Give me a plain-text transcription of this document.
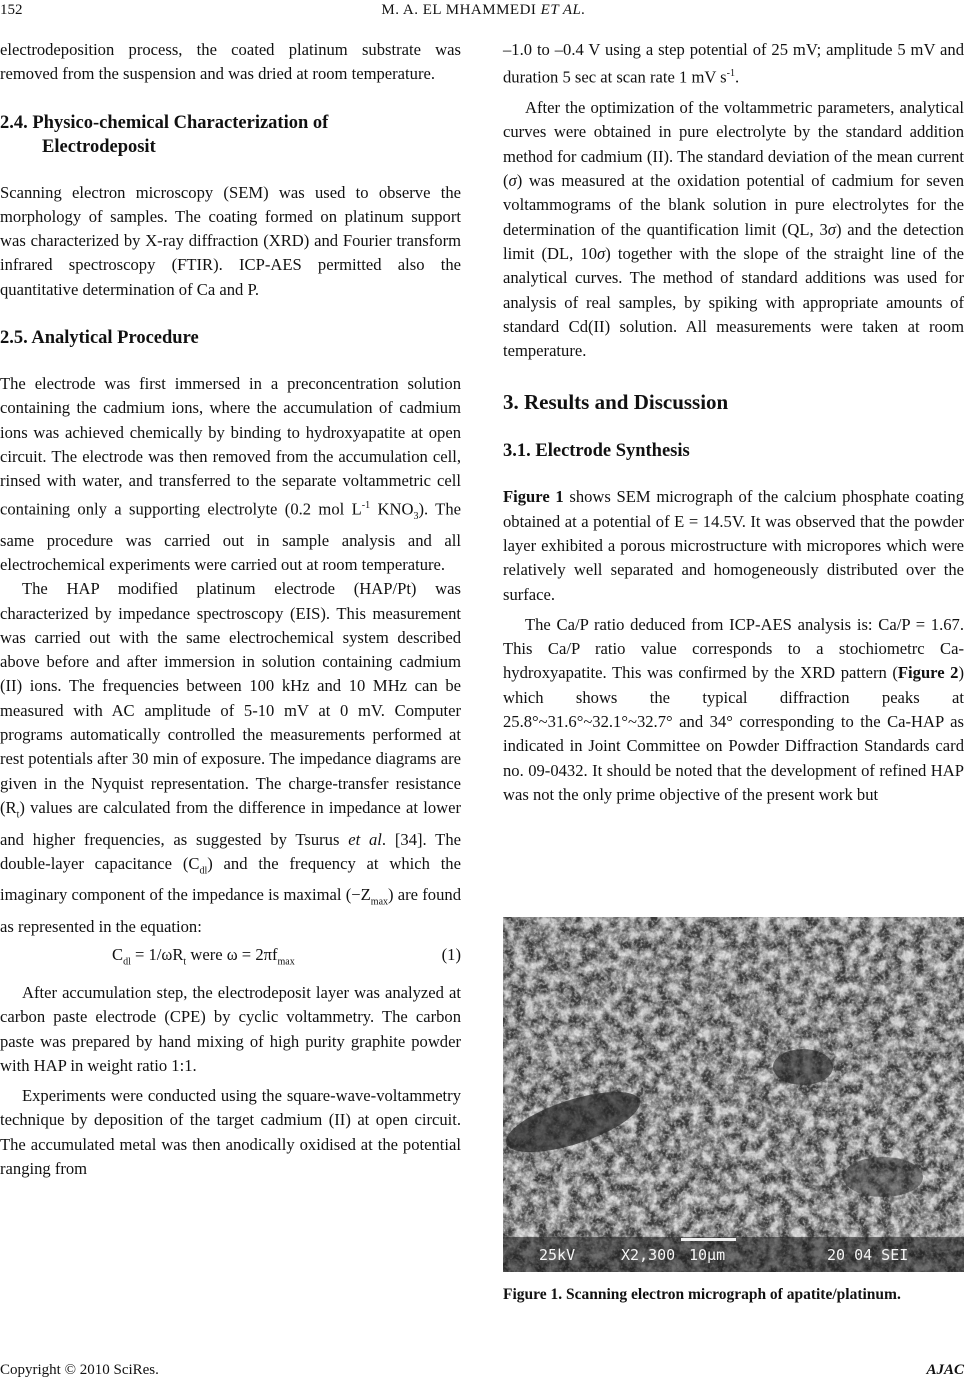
152	M. A. EL MHAMMEDI ET AL.

electrodeposition process, the coated platinum substrate was removed from the suspension and was dried at room temperature.

2.4. Physico-chemical Characterization of
Electrodeposit

Scanning electron microscopy (SEM) was used to observe the morphology of samples. The coating formed on platinum support was characterized by X-ray diffraction (XRD) and Fourier transform infrared spectroscopy (FTIR). ICP-AES permitted also the quantitative determination of Ca and P.

2.5. Analytical Procedure

The electrode was first immersed in a preconcentration solution containing the cadmium ions, where the accumulation of cadmium ions was achieved chemically by binding to hydroxyapatite at open circuit. The electrode was then removed from the accumulation cell, rinsed with water, and transferred to the separate voltammetric cell containing only a supporting electrolyte (0.2 mol $L^{-1}$ $KNO_3$). The same procedure was carried out in sample analysis and all electrochemical experiments were carried out at room temperature.

The HAP modified platinum electrode (HAP/Pt) was characterized by impedance spectroscopy (EIS). This measurement was carried out with the same electrochemical system described above before and after immersion in solution containing cadmium (II) ions. The frequencies between 100 kHz and 10 MHz can be measured with AC amplitude of 5-10 mV at 0 mV. Computer programs automatically controlled the measurements performed at rest potentials after 30 min of exposure. The impedance diagrams are given in the Nyquist representation. The charge-transfer resistance $(R_t)$ values are calculated from the difference in impedance at lower and higher frequencies, as suggested by Tsurus et al. [34]. The double-layer capacitance $(C_{dl})$ and the frequency at which the imaginary component of the impedance is maximal $(-Z_{max})$ are found as represented in the equation:

$C_{dl} = 1/\omega R_t$ were $\omega = 2\pi f_{max}$	(1)

After accumulation step, the electrodeposit layer was analyzed at carbon paste electrode (CPE) by cyclic voltammetry. The carbon paste was prepared by hand mixing of high purity graphite powder with HAP in weight ratio 1:1.

Experiments were conducted using the square-wave-voltammetry technique by deposition of the target cadmium (II) at open circuit. The accumulated metal was then anodically oxidised at the potential ranging from

–1.0 to –0.4 V using a step potential of 25 mV; amplitude 5 mV and duration 5 sec at scan rate 1 mV $s^{-1}$.

After the optimization of the voltammetric parameters, analytical curves were obtained in pure electrolyte by the standard addition method for cadmium (II). The standard deviation of the mean current (σ) was measured at the oxidation potential of cadmium for seven voltammograms of the blank solution in pure electrolytes for the determination of the quantification limit (QL, 3σ) and the detection limit (DL, 10σ) together with the slope of the straight line of the analytical curves. The method of standard additions was used for analysis of real samples, by spiking with appropriate amounts of standard Cd(II) solution. All measurements were taken at room temperature.

3. Results and Discussion
3.1. Electrode Synthesis

Figure 1 shows SEM micrograph of the calcium phosphate coating obtained at a potential of E = 14.5V. It was observed that the powder layer exhibited a porous microstructure with micropores which were relatively well separated and homogeneously distributed over the surface.

The Ca/P ratio deduced from ICP-AES analysis is: Ca/P = 1.67. This Ca/P ratio value corresponds to a stochiometrc Ca-hydroxyapatite. This was confirmed by the XRD pattern (Figure 2) which shows the typical diffraction peaks at 25.8°~31.6°~32.1°~32.7° and 34° corresponding to the Ca-HAP as indicated in Joint Committee on Powder Diffraction Standards card no. 09-0432. It should be noted that the development of refined HAP was not the only prime objective of the present work but

25kV	X2,300 10μm	20 04 SEI
Figure 1. Scanning electron micrograph of apatite/platinum.
Copyright © 2010 SciRes.	AJAC
